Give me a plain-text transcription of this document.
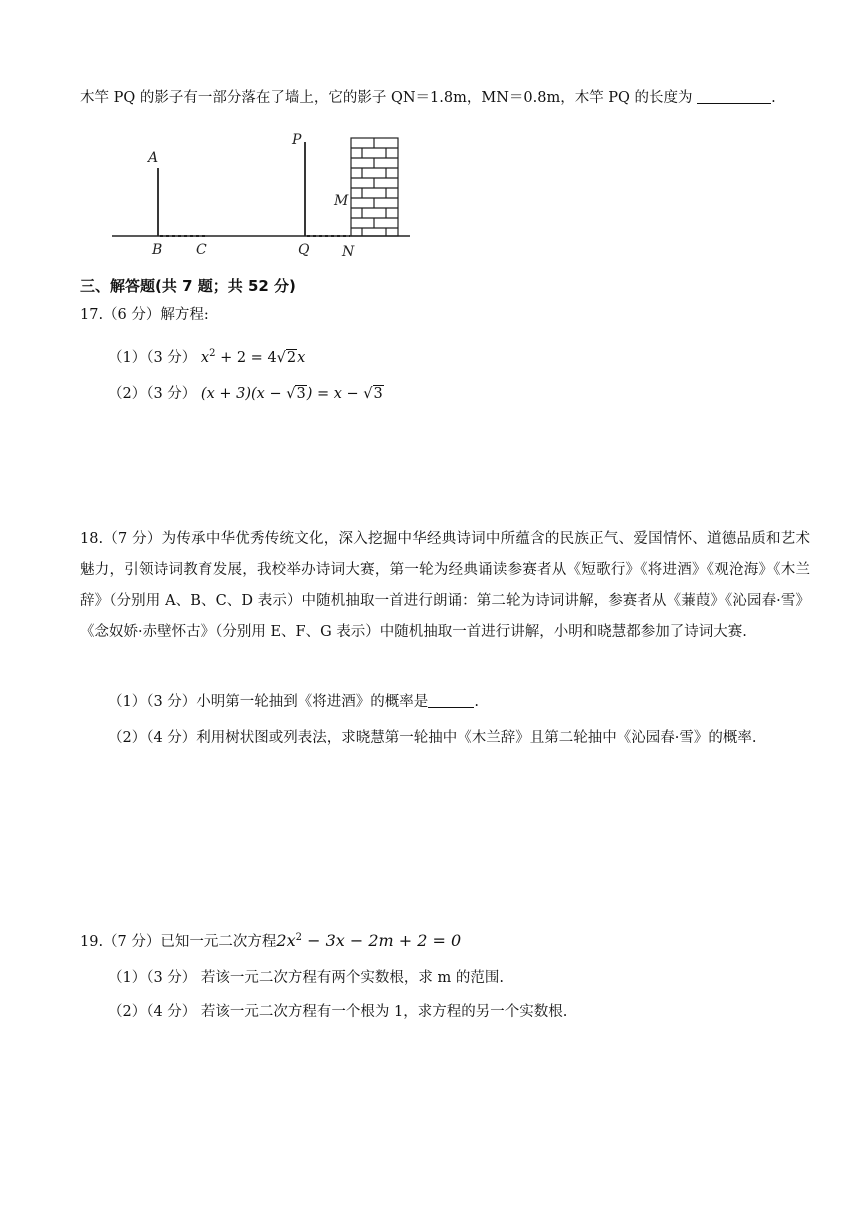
木竿 PQ 的影子有一部分落在了墙上，它的影子 QN＝1.8m，MN＝0.8m，木竿 PQ 的长度为	.
A
B C
P
Q
M
N
三、解答题(共 7 题；共 52 分)
17.（6 分）解方程:
（1）（3 分） $x^2 + 2 = 4√2x$
（2）（3 分） (x + 3)(x − √3) = x − √3
18.（7 分）为传承中华优秀传统文化，深入挖掘中华经典诗词中所蕴含的民族正气、爱国情怀、道德品质和艺术魅力，引领诗词教育发展，我校举办诗词大赛，第一轮为经典诵读参赛者从《短歌行》《将进酒》《观沧海》《木兰辞》（分别用 A、B、C、D 表示）中随机抽取一首进行朗诵：第二轮为诗词讲解，参赛者从《蒹葭》《沁园春·雪》《念奴娇·赤壁怀古》（分别用 E、F、G 表示）中随机抽取一首进行讲解，小明和晓慧都参加了诗词大赛.
（1）（3 分）小明第一轮抽到《将进酒》的概率是	.
（2）（4 分）利用树状图或列表法，求晓慧第一轮抽中《木兰辞》且第二轮抽中《沁园春·雪》的概率.
19.（7 分）已知一元二次方程$2x^2 - 3x - 2m + 2 = 0$
（1）（3 分） 若该一元二次方程有两个实数根，求 m 的范围.
（2）（4 分） 若该一元二次方程有一个根为 1，求方程的另一个实数根.
